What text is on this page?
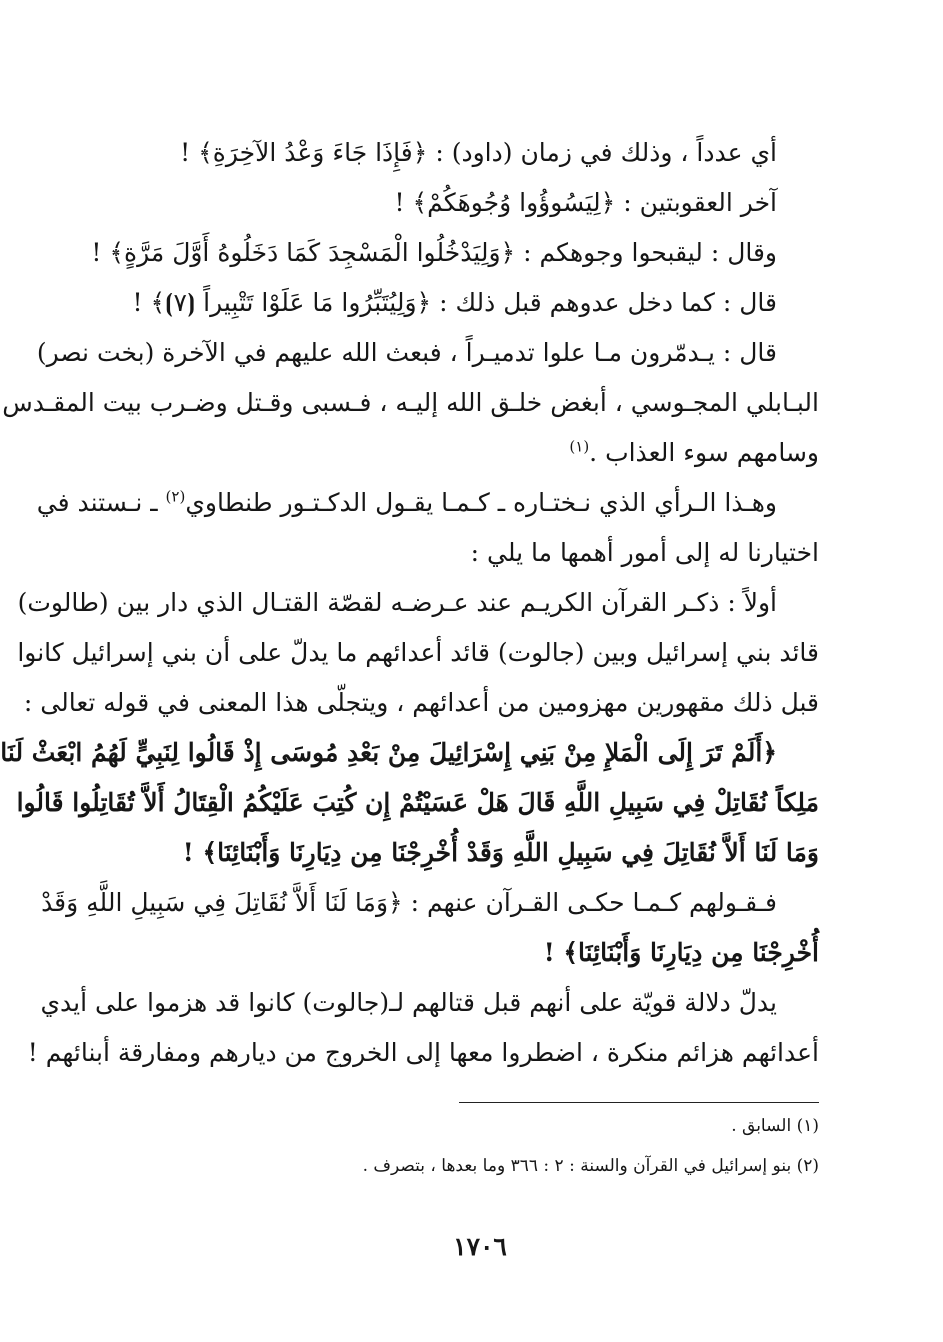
أي عدداً ، وذلك في زمان (داود) : ﴿فَإِذَا جَاءَ وَعْدُ الآخِرَةِ﴾ !
آخر العقوبتين : ﴿لِيَسُوؤُوا وُجُوهَكُمْ﴾ !
وقال : ليقبحوا وجوهكم : ﴿وَلِيَدْخُلُوا الْمَسْجِدَ كَمَا دَخَلُوهُ أَوَّلَ مَرَّةٍ﴾ !
قال : كما دخل عدوهم قبل ذلك : ﴿وَلِيُتَبِّرُوا مَا عَلَوْا تَتْبِيراً ⦗٧⦘﴾ !
قال : يـدمّرون مـا علوا تدميـراً ، فبعث الله عليهم في الآخرة (بخت نصر)
البـابلي المجـوسي ، أبغض خلـق الله إليـه ، فـسبى وقـتل وضـرب بيت المقـدس
وسامهم سوء العذاب .$^{(١)}$
وهـذا الـرأي الذي نـختـاره ـ كـمـا يقـول الدكـتـور طنطاوي$^{(٢)}$ ـ نـستند في
اختيارنا له إلى أمور أهمها ما يلي :
أولاً : ذكـر القرآن الكريـم عند عـرضـه لقصّة القتـال الذي دار بين (طالوت)
قائد بني إسرائيل وبين (جالوت) قائد أعدائهم ما يدلّ على أن بني إسرائيل كانوا
قبل ذلك مقهورين مهزومين من أعدائهم ، ويتجلّى هذا المعنى في قوله تعالى :
﴿أَلَمْ تَرَ إِلَى الْمَلإِ مِنْ بَنِي إِسْرَائِيلَ مِنْ بَعْدِ مُوسَى إِذْ قَالُوا لِنَبِيٍّ لَهُمُ ابْعَثْ لَنَا
مَلِكاً نُقَاتِلْ فِي سَبِيلِ اللَّهِ قَالَ هَلْ عَسَيْتُمْ إِن كُتِبَ عَلَيْكُمُ الْقِتَالُ أَلاَّ تُقَاتِلُوا قَالُوا
وَمَا لَنَا أَلاَّ نُقَاتِلَ فِي سَبِيلِ اللَّهِ وَقَدْ أُخْرِجْنَا مِن دِيَارِنَا وَأَبْنَائِنَا﴾ !
فـقـولهم كـمـا حكـى القـرآن عنهم : ﴿وَمَا لَنَا أَلاَّ نُقَاتِلَ فِي سَبِيلِ اللَّهِ وَقَدْ
أُخْرِجْنَا مِن دِيَارِنَا وَأَبْنَائِنَا﴾ !
يدلّ دلالة قويّة على أنهم قبل قتالهم لـ(جالوت) كانوا قد هزموا على أيدي
أعدائهم هزائم منكرة ، اضطروا معها إلى الخروج من ديارهم ومفارقة أبنائهم !
(١) السابق .
(٢) بنو إسرائيل في القرآن والسنة : ٢ : ٣٦٦ وما بعدها ، بتصرف .
١٧٠٦
